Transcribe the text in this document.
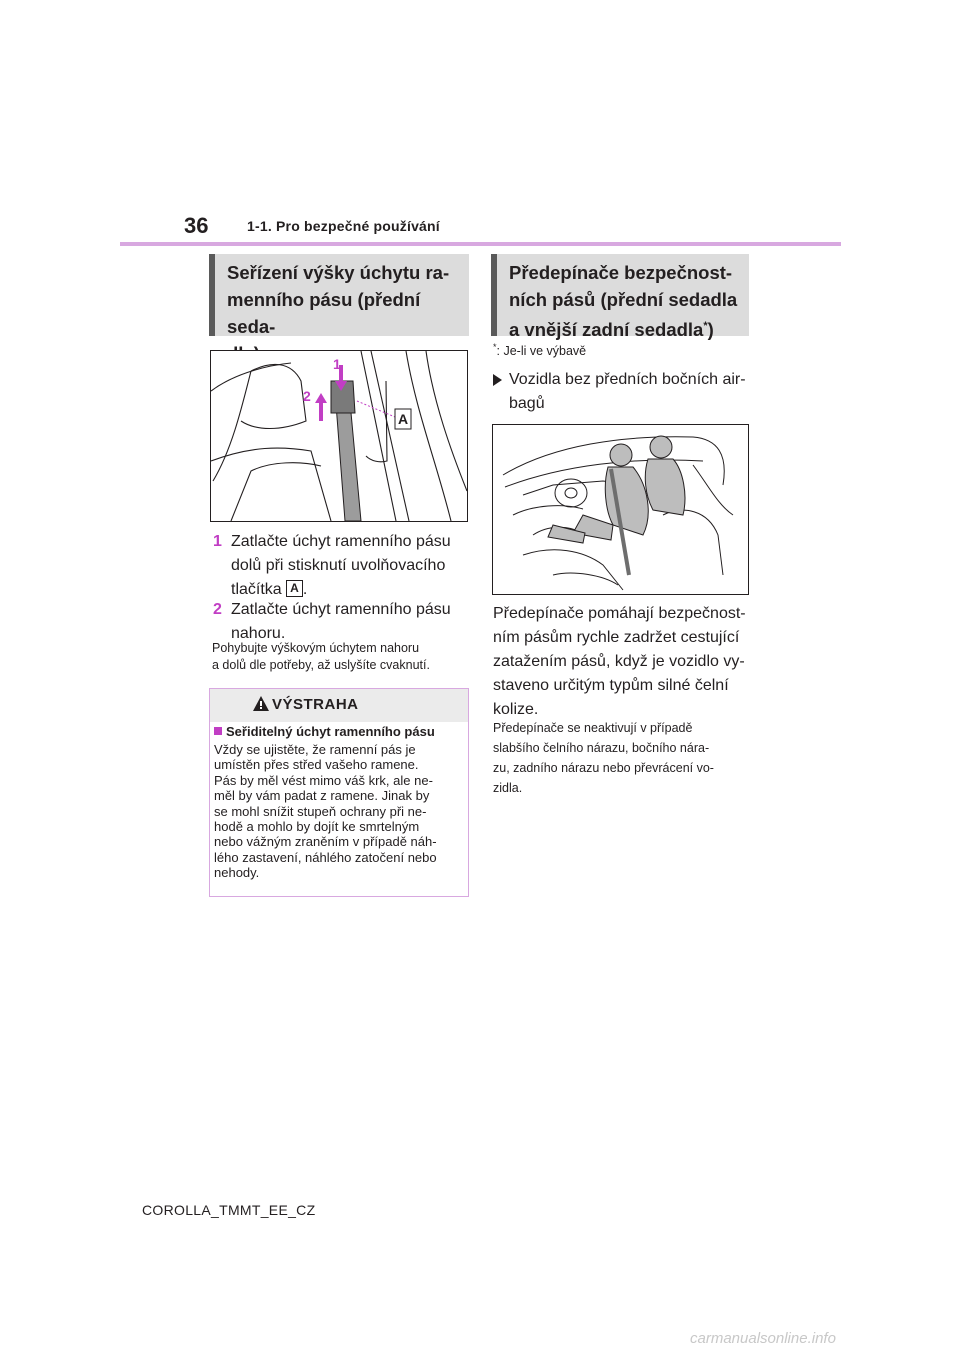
36	1-1. Pro bezpečné používání
Seřízení výšky úchytu ra-
menního pásu (přední seda-
1
2
A
1 Zatlačte úchyt ramenního pásu dolů při stisknutí uvolňovacího tlačítka A .
2 Zatlačte úchyt ramenního pásu nahoru.
Pohybujte výškovým úchytem nahoru
a dolů dle potřeby, až uslyšíte cvaknutí.
VÝSTRAHA
Seřiditelný úchyt ramenního pásu
Vždy se ujistěte, že ramenní pás je
umístěn přes střed vašeho ramene.
Pás by měl vést mimo váš krk, ale ne-
měl by vám padat z ramene. Jinak by
se mohl snížit stupeň ochrany při ne-
hodě a mohlo by dojít ke smrtelným
nebo vážným zraněním v případě náh-
lého zastavení, náhlého zatočení nebo
nehody.
Předepínače bezpečnost-
ních pásů (přední sedadla
a vnější zadní sedadla*)
*: Je-li ve výbavě
Vozidla bez předních bočních air-
bagů
Předepínače pomáhají bezpečnost-
ním pásům rychle zadržet cestující
zatažením pásů, když je vozidlo vy-
staveno určitým typům silné čelní
kolize.
Předepínače se neaktivují v případě
slabšího čelního nárazu, bočního nára-
zu, zadního nárazu nebo převrácení vo-
zidla.
COROLLA_TMMT_EE_CZ
carmanualsonline.info
